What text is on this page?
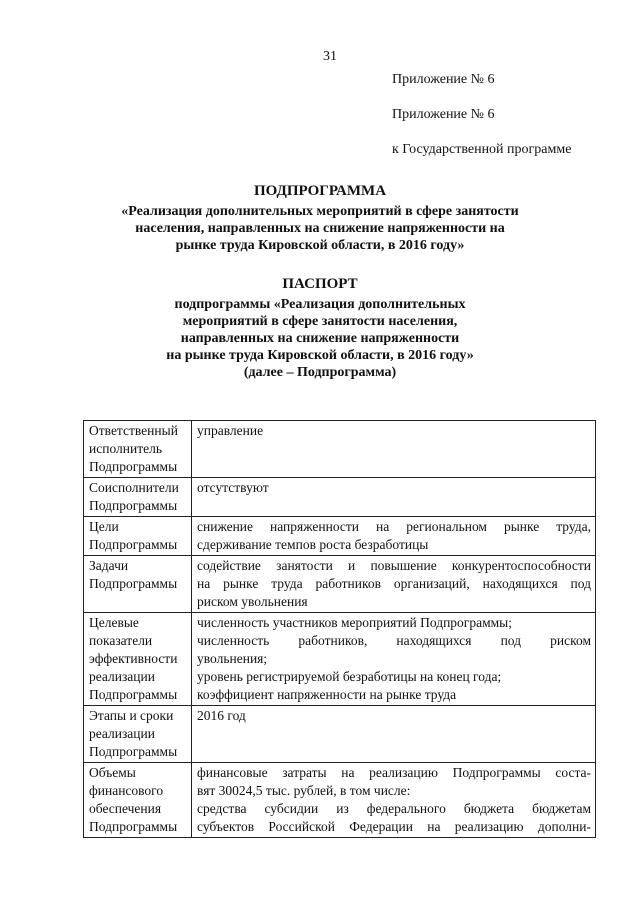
31
Приложение № 6
Приложение № 6
к Государственной программе
ПОДПРОГРАММА
«Реализация дополнительных мероприятий в сфере занятости
населения, направленных на снижение напряженности на
рынке труда Кировской области, в 2016 году»
ПАСПОРТ
подпрограммы «Реализация дополнительных
мероприятий в сфере занятости населения,
направленных на снижение напряженности
на рынке труда Кировской области, в 2016 году»
(далее – Подпрограмма)
Ответственный
исполнитель
Подпрограммы	управление

Соисполнители
Подпрограммы	отсутствуют

Цели
Подпрограммы	снижение напряженности на региональном рынке труда,
сдерживание темпов роста безработицы

Задачи
Подпрограммы	содействие занятости и повышение конкурентоспособности
на рынке труда работников организаций, находящихся под
риском увольнения

Целевые
показатели
эффективности
реализации
Подпрограммы	численность участников мероприятий Подпрограммы;
численность работников, находящихся под риском
увольнения;
уровень регистрируемой безработицы на конец года;
коэффициент напряженности на рынке труда

Этапы и сроки
реализации
Подпрограммы	2016 год

Объемы
финансового
обеспечения
Подпрограммы	финансовые затраты на реализацию Подпрограммы соста-
вят 30024,5 тыс. рублей, в том числе:
средства субсидии из федерального бюджета бюджетам
субъектов Российской Федерации на реализацию дополни-
